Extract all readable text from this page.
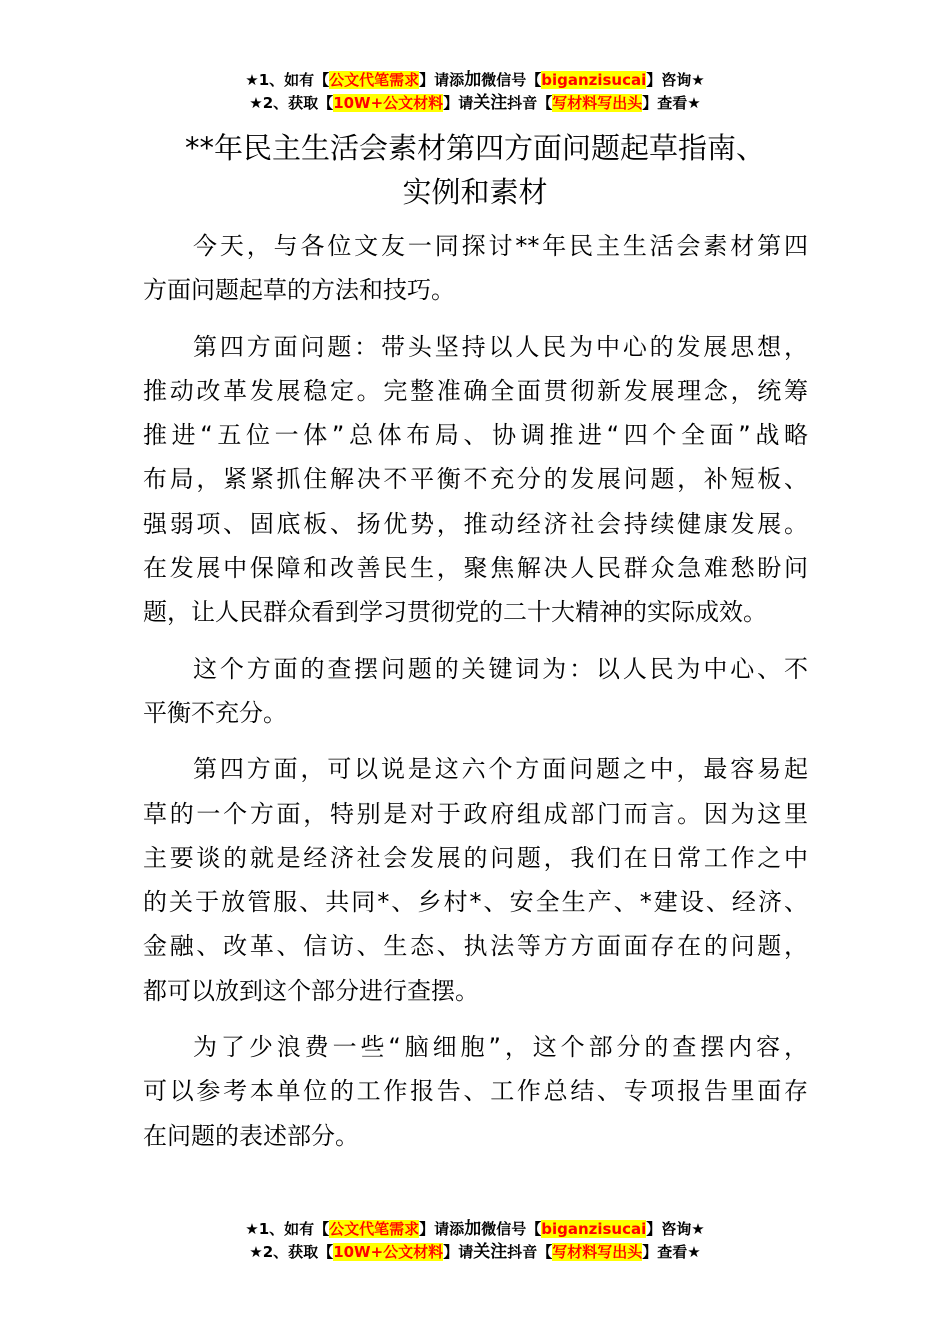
★1、如有【公文代笔需求】请添加微信号【biganzisucai】咨询★
★2、获取【10W+公文材料】请关注抖音【写材料写出头】查看★
**年民主生活会素材第四方面问题起草指南、
实例和素材

今天，与各位文友一同探讨**年民主生活会素材第四
方面问题起草的方法和技巧。

第四方面问题：带头坚持以人民为中心的发展思想，
推动改革发展稳定。完整准确全面贯彻新发展理念，统筹
推进“五位一体”总体布局、协调推进“四个全面”战略
布局，紧紧抓住解决不平衡不充分的发展问题，补短板、
强弱项、固底板、扬优势，推动经济社会持续健康发展。
在发展中保障和改善民生，聚焦解决人民群众急难愁盼问
题，让人民群众看到学习贯彻党的二十大精神的实际成效。

这个方面的查摆问题的关键词为：以人民为中心、不
平衡不充分。

第四方面，可以说是这六个方面问题之中，最容易起
草的一个方面，特别是对于政府组成部门而言。因为这里
主要谈的就是经济社会发展的问题，我们在日常工作之中
的关于放管服、共同*、乡村*、安全生产、*建设、经济、
金融、改革、信访、生态、执法等方方面面存在的问题，
都可以放到这个部分进行查摆。

为了少浪费一些“脑细胞”，这个部分的查摆内容，
可以参考本单位的工作报告、工作总结、专项报告里面存
在问题的表述部分。

★1、如有【公文代笔需求】请添加微信号【biganzisucai】咨询★
★2、获取【10W+公文材料】请关注抖音【写材料写出头】查看★
